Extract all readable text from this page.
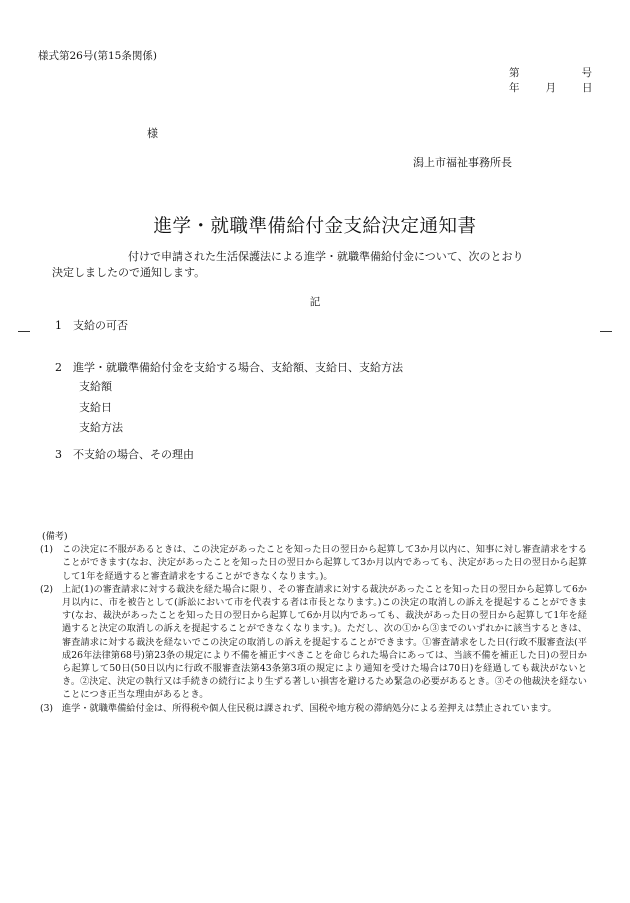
様式第26号(第15条関係)
第	号
年 月 日
様
潟上市福祉事務所長
進学・就職準備給付金支給決定通知書
付けで申請された生活保護法による進学・就職準備給付金について、次のとおり
決定しましたので通知します。
記
1 支給の可否
2 進学・就職準備給付金を支給する場合、支給額、支給日、支給方法
支給額
支給日
支給方法
3 不支給の場合、その理由
(備考)
(1) この決定に不服があるときは、この決定があったことを知った日の翌日から起算して3か月以内に、知事に対し審査請求をすることができます(なお、決定があったことを知った日の翌日から起算して3か月以内であっても、決定があった日の翌日から起算して1年を経過すると審査請求をすることができなくなります。)。
(2) 上記(1)の審査請求に対する裁決を経た場合に限り、その審査請求に対する裁決があったことを知った日の翌日から起算して6か月以内に、市を被告として(訴訟において市を代表する者は市長となります。)この決定の取消しの訴えを提起することができます(なお、裁決があったことを知った日の翌日から起算して6か月以内であっても、裁決があった日の翌日から起算して1年を経過すると決定の取消しの訴えを提起することができなくなります。)。ただし、次の①から③までのいずれかに該当するときは、審査請求に対する裁決を経ないでこの決定の取消しの訴えを提起することができます。①審査請求をした日(行政不服審査法(平成26年法律第68号)第23条の規定により不備を補正すべきことを命じられた場合にあっては、当該不備を補正した日)の翌日から起算して50日(50日以内に行政不服審査法第43条第3項の規定により通知を受けた場合は70日)を経過しても裁決がないとき。②決定、決定の執行又は手続きの続行により生ずる著しい損害を避けるため緊急の必要があるとき。③その他裁決を経ないことにつき正当な理由があるとき。
(3) 進学・就職準備給付金は、所得税や個人住民税は課されず、国税や地方税の滞納処分による差押えは禁止されています。
